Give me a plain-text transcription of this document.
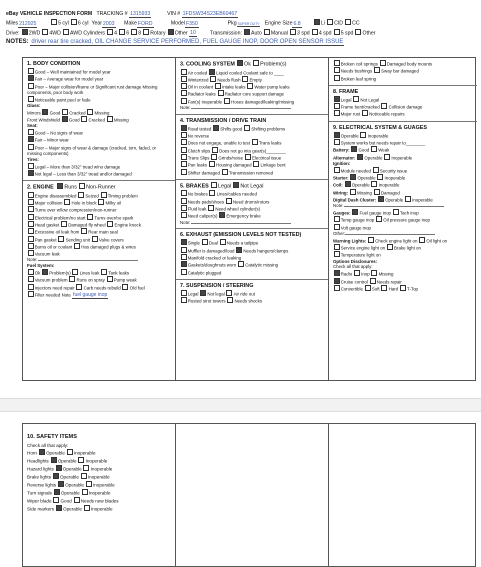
eBay VEHICLE INSPECTION FORM TRACKING # 1315933	VIN # 1FDSW34S23EB60467
Miles212925	5 cyl 6 cyl Year2003 MakeFORD	ModelF350	PkgSUPER DUTY Engine Size6.8	Li CID CC
Drive: 2WD 4WD AWD Cylinders 4 6 8 Rotary Other 10	Transmission: Auto Manual 3 spd 4 spd 5 spd Other
NOTES: driver rear tire cracked, OIL CHANGE SERVICE PERFORMED, FUEL GAUGE INOP, DOOR OPEN SENSOR ISSUE
1. BODY CONDITION
Good – Well maintained for model year
Fair – Average wear for model year
Poor – Major collision/frame or Significant rust damage Missing components, poor body work
Noticeable paint peel or fade
Glass:
Mirrors Good Cracked Missing
Front Windshield Good Cracked Missing
Seat:
Good – No signs of wear
Fair – Minor wear
Poor – Major signs of wear & damage (cracked, torn, faded, or missing components)
Tires:
Legal – More than 3/32" tread w/no damage
Not legal – Less than 3/32" tread and/or damaged
2. ENGINE Runs Non-Runner
Engine disassembled Seized Timing problem
Major collision Hole in block Milky oil
Turns over w/low compression/non-runner
Electrical problem/no start Turns over/no spark
Head gasket Damaged fly wheel Engine knock
Excessive oil leak from Rear main seal
Pan gasket Sending unit Valve covers
Burns oil or coolant Has damaged plugs & wires
Vacuum leak
Note:
Fuel System:
Ok Problem(s) Lines leak Tank leaks
Vacuum problem Runs on spray Pump weak
Injectors need repair Carb needs rebuild Old fuel
Filter needed Note fuel gauge inop
3. COOLING SYSTEM Ok Problem(s)
Air cooled Liquid cooled Coolant safe to ____
Winterized Needs flush Empty
Oil in coolant Intake leaks Water pump leaks
Radiator leaks Radiator core support damage
Fan(s) inoperable Hoses damaged/leaking/missing
Note:
4. TRANSMISSION / DRIVE TRAIN
Road tested Shifts good Shifting problems
No reverse
Does not engage, unable to test Trans leaks
Clutch slips Does not go into gear(s)________
Trans Slips Grinds/noise Electrical issue
Pan leaks Housing damaged Linkage bent
Shifter damaged Transmission removed
5. BRAKES Legal Not Legal
No brakes Lines/cables needed
Needs pads/shoes Need drums/rotors
Fluid leak Need wheel cylinder(s)
Need caliper(s) Emergency brake
Note:
6. EXHAUST (EMISSION LEVELS NOT TESTED)
Single Dual Needs a tailpipe
Muffler is damaged/loud Needs hangers/clamps
Manifold cracked or leaking
Gaskets/doughnuts worn Catalytic missing
Catalytic plugged
7. SUSPENSION / STEERING
Legal Not legal Air ride out
Rusted strut towers Needs shocks
Broken coil springs Damaged body mounts
Needs bushings Sway bar damaged
Broken leaf spring
8. FRAME
Legal Not Legal
Frame bent/cracked Collision damage
Major rust Noticeable repairs
9. ELECTRICAL SYSTEM & GUAGES
Operable Inoperable
System works but needs repair to________
Battery: Good Weak
Alternator: Operable Inoperable
Ignition:
Module needed Security issue
Starter: Operable Inoperable
Coil: Operable Inoperable
Wiring: Missing Damaged
Digital Dash Cluster: Operable Inoperable
Note:
Gauges: Fuel gauge inop Tach inop
Temp gauge inop Oil pressure gauge inop
Volt gauge inop
Other:
Warning Lights: Check engine light on Oil light on
Service engine light on Brake light on
Temperature light on
Options Disclosures:
Check all that apply:
Radio Inop Missing
Cruise control Needs repair
Convertible Soft Hard T-Top
10. SAFETY ITEMS
Check all that apply:
Horn Operable Inoperable
Headlights Operable Inoperable
Hazard lights Operable Inoperable
Brake lights Operable Inoperable
Reverse lights Operable Inoperable
Turn signals Operable Inoperable
Wiper blade Good Needs new blades
Side markers Operable Inoperable
